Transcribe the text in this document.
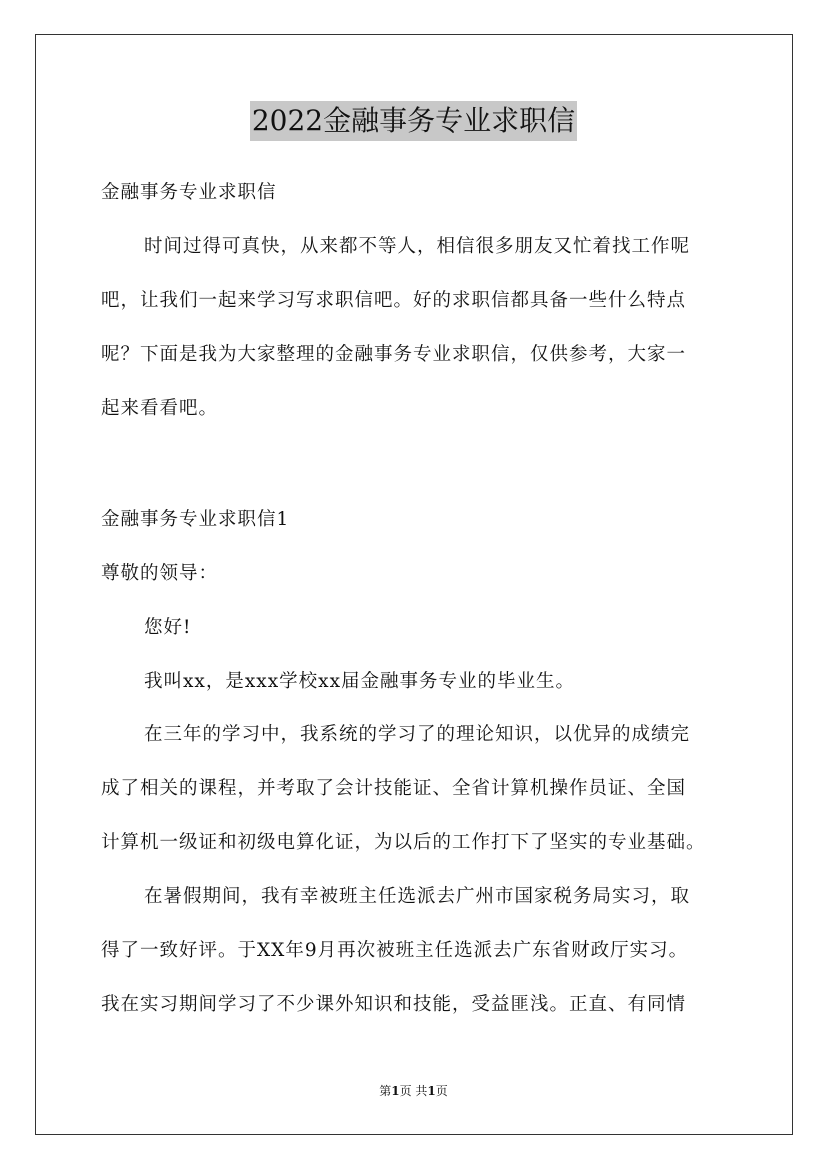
2022金融事务专业求职信
金融事务专业求职信
时间过得可真快，从来都不等人，相信很多朋友又忙着找工作呢
吧，让我们一起来学习写求职信吧。好的求职信都具备一些什么特点
呢？下面是我为大家整理的金融事务专业求职信，仅供参考，大家一
起来看看吧。
金融事务专业求职信1
尊敬的领导：
您好!
我叫xx，是xxx学校xx届金融事务专业的毕业生。
在三年的学习中，我系统的学习了的理论知识，以优异的成绩完
成了相关的课程，并考取了会计技能证、全省计算机操作员证、全国
计算机一级证和初级电算化证，为以后的工作打下了坚实的专业基础。
在暑假期间，我有幸被班主任选派去广州市国家税务局实习，取
得了一致好评。于XX年9月再次被班主任选派去广东省财政厅实习。
我在实习期间学习了不少课外知识和技能，受益匪浅。正直、有同情
第1页 共1页
